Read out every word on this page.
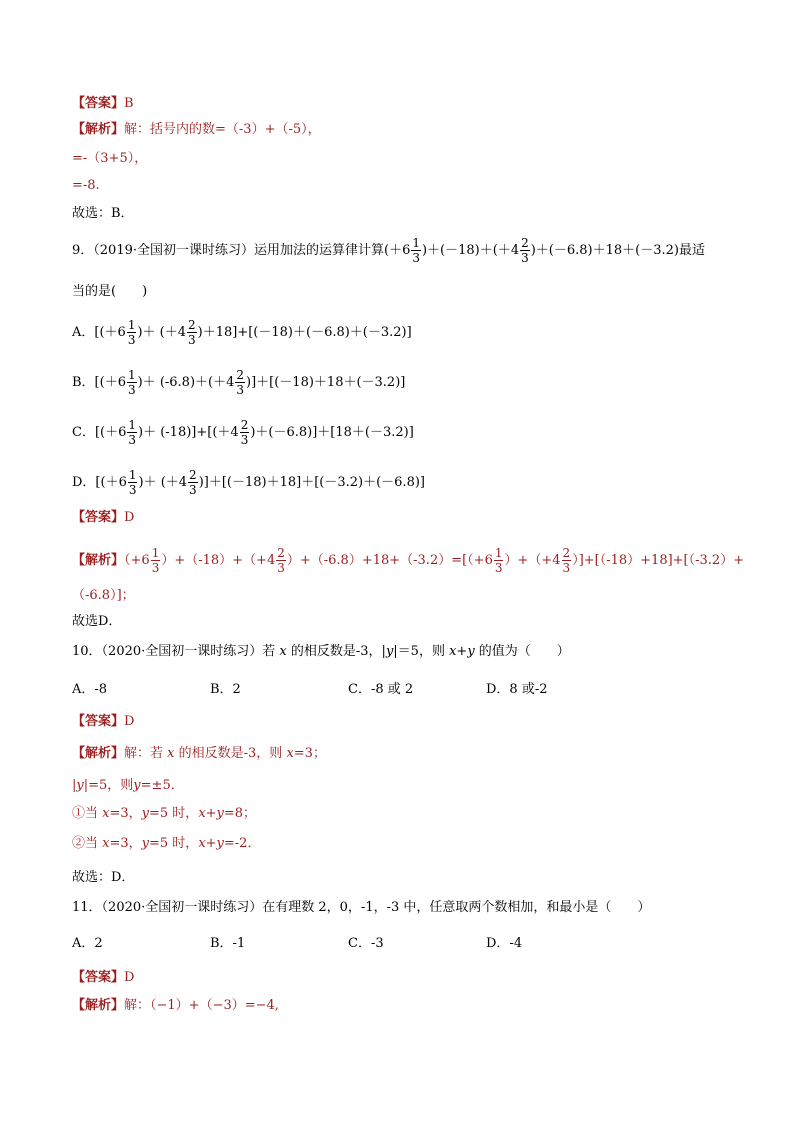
【答案】B
【解析】解：括号内的数=（-3）+（-5），
=-（3+5），
=-8.
故选：B．
9．（2019·全国初一课时练习）运用加法的运算律计算$(+6 \frac{1}{3} )+(-18)+(+4 \frac{2}{3} )+(-6.8)+18+(-3.2)$最适
当的是(　　)
A．[($+6 \frac{1}{3}$ )＋ $(+4 \frac{2}{3} )+18]+[(-18)+(-6.8)+(-3.2)]$
B．[($+6 \frac{1}{3}$ )＋ $(-6.8)+(+4 \frac{2}{3} )]+[(-18)+18+(-3.2)]$
C．[($+6 \frac{1}{3}$ )＋ $(-18)]+[(+4 \frac{2}{3} )+(-6.8)]+[18+(-3.2)]$
D．[($+6 \frac{1}{3}$ )＋ $(+4 \frac{2}{3} )]+[(-18)+18]+[(-3.2)+(-6.8)]$
【答案】D
【解析】$(+6 \frac{1}{3} )+(-18)+(+4 \frac{2}{3} )+(-6.8)+18+(-3.2)=[(+6 \frac{1}{3} )+(+4 \frac{2}{3} )]+[(-18)+18]+[(-3.2)+$
（-6.8）]；
故选D．
10．（2020·全国初一课时练习）若 x 的相反数是-3，|y|＝5，则 x+y 的值为（　　）
A．-8	B．2	C．-8 或 2	D．8 或-2
【答案】D
【解析】解：若 x 的相反数是-3，则 x=3；
|y|=5，则y=±5．
①当 x=3，y=5 时，x+y=8；
②当 x=3，y=5 时，x+y=-2．
故选：D．
11．（2020·全国初一课时练习）在有理数 2，0，-1，-3 中，任意取两个数相加，和最小是（　　）
A．2	B．-1	C．-3	D．-4
【答案】D
【解析】解：（−1）+（−3）=−4,
